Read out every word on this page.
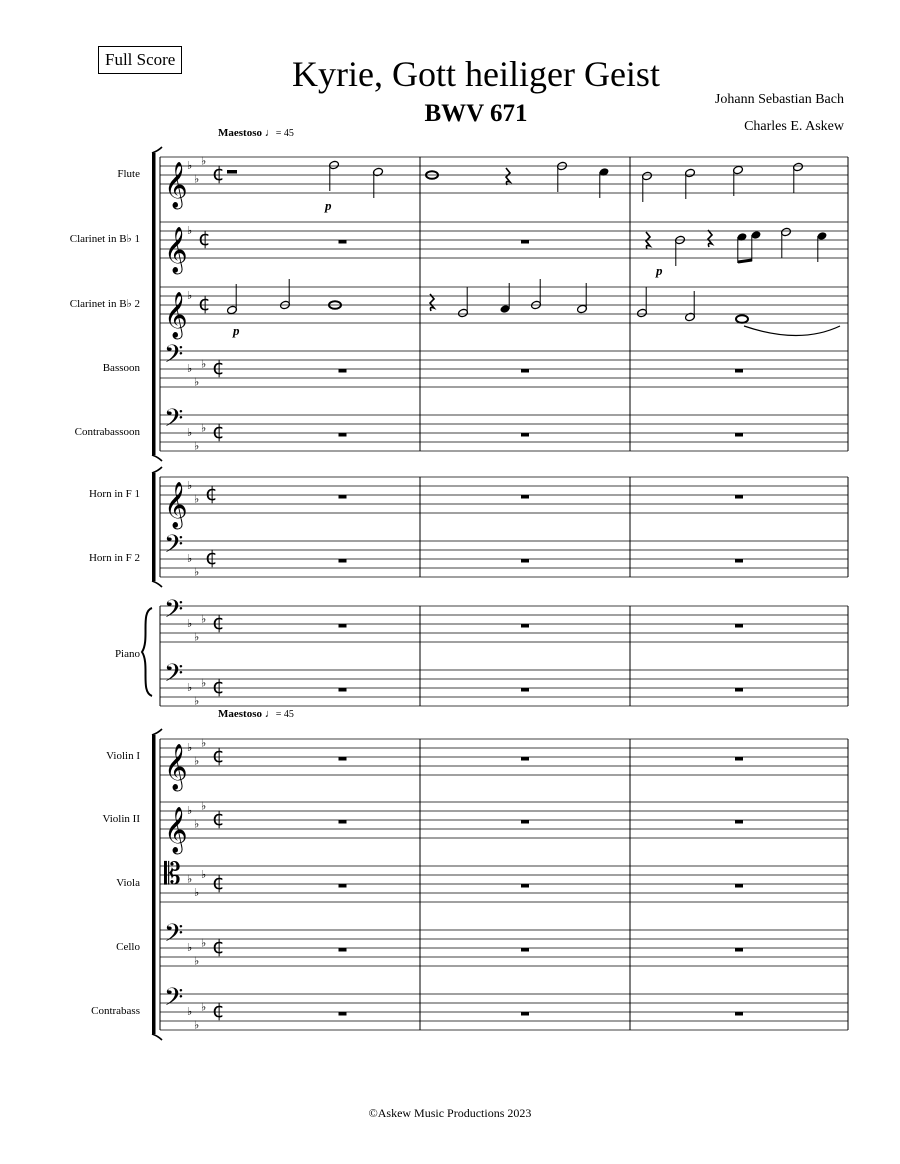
Full Score	Kyrie, Gott heiliger Geist
BWV 671
Johann Sebastian Bach
Charles E. Askew
Maestoso ♩= 45
Maestoso ♩= 45
𝄞 ♭
♭
♭ ¢
Flute
𝄞 ♭ ¢
Clarinet in B♭ 1
𝄞 ♭ ¢
Clarinet in B♭ 2
𝄢 ♭
♭
♭ ¢
Bassoon
𝄢 ♭
♭
♭ ¢
Contrabassoon
𝄞 ♭
♭ ¢
Horn in F 1
𝄢 ♭
♭
¢
Horn in F 2
𝄢 ♭
♭
♭ ¢
Piano
𝄢 ♭
♭
♭ ¢
𝄞 ♭
♭
♭ ¢
Violin I
𝄞 ♭
♭
♭ ¢
Violin II
𝄡 ♭
♭
♭ ¢
Viola
𝄢 ♭
♭
♭ ¢
Cello
𝄢 ♭
♭
♭ ¢
Contrabass
p
p
p
©Askew Music Productions 2023
